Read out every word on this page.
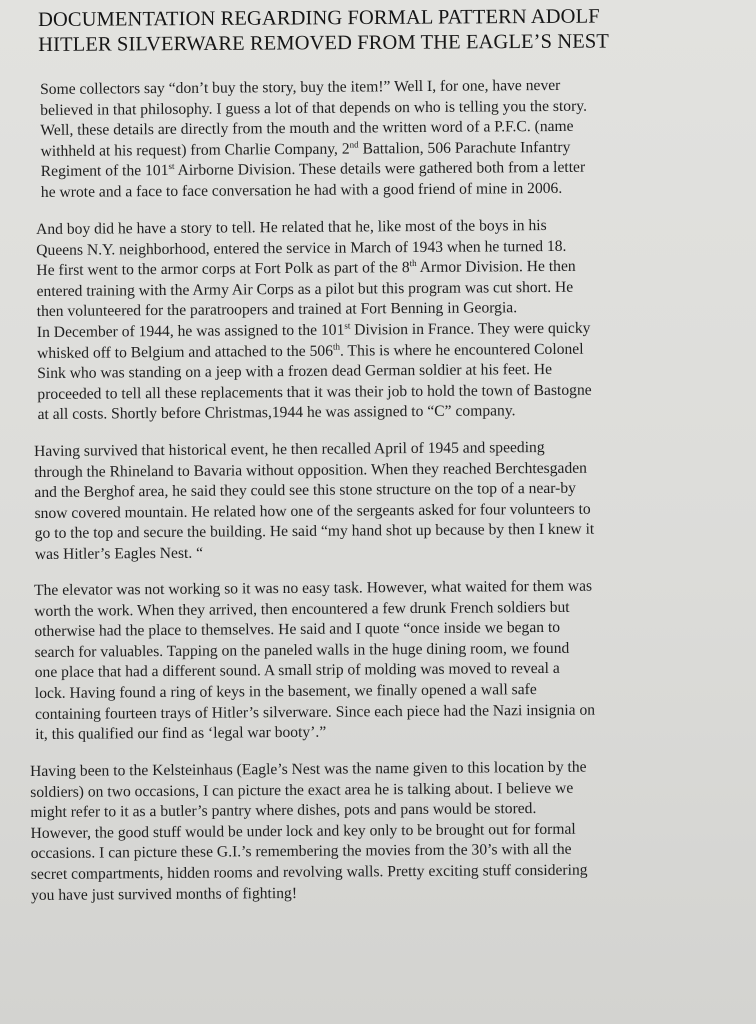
DOCUMENTATION REGARDING FORMAL PATTERN ADOLF
HITLER SILVERWARE REMOVED FROM THE EAGLE’S NEST

Some collectors say “don’t buy the story, buy the item!” Well I, for one, have never
believed in that philosophy. I guess a lot of that depends on who is telling you the story.
Well, these details are directly from the mouth and the written word of a P.F.C. (name
withheld at his request) from Charlie Company, 2nd Battalion, 506 Parachute Infantry
Regiment of the 101st Airborne Division. These details were gathered both from a letter
he wrote and a face to face conversation he had with a good friend of mine in 2006.

And boy did he have a story to tell. He related that he, like most of the boys in his
Queens N.Y. neighborhood, entered the service in March of 1943 when he turned 18.
He first went to the armor corps at Fort Polk as part of the 8th Armor Division. He then
entered training with the Army Air Corps as a pilot but this program was cut short. He
then volunteered for the paratroopers and trained at Fort Benning in Georgia.
In December of 1944, he was assigned to the 101st Division in France. They were quicky
whisked off to Belgium and attached to the 506th. This is where he encountered Colonel
Sink who was standing on a jeep with a frozen dead German soldier at his feet. He
proceeded to tell all these replacements that it was their job to hold the town of Bastogne
at all costs. Shortly before Christmas,1944 he was assigned to “C” company.

Having survived that historical event, he then recalled April of 1945 and speeding
through the Rhineland to Bavaria without opposition. When they reached Berchtesgaden
and the Berghof area, he said they could see this stone structure on the top of a near-by
snow covered mountain. He related how one of the sergeants asked for four volunteers to
go to the top and secure the building. He said “my hand shot up because by then I knew it
was Hitler’s Eagles Nest. “

The elevator was not working so it was no easy task. However, what waited for them was
worth the work. When they arrived, then encountered a few drunk French soldiers but
otherwise had the place to themselves. He said and I quote “once inside we began to
search for valuables. Tapping on the paneled walls in the huge dining room, we found
one place that had a different sound. A small strip of molding was moved to reveal a
lock. Having found a ring of keys in the basement, we finally opened a wall safe
containing fourteen trays of Hitler’s silverware. Since each piece had the Nazi insignia on
it, this qualified our find as ‘legal war booty’.”

Having been to the Kelsteinhaus (Eagle’s Nest was the name given to this location by the
soldiers) on two occasions, I can picture the exact area he is talking about. I believe we
might refer to it as a butler’s pantry where dishes, pots and pans would be stored.
However, the good stuff would be under lock and key only to be brought out for formal
occasions. I can picture these G.I.’s remembering the movies from the 30’s with all the
secret compartments, hidden rooms and revolving walls. Pretty exciting stuff considering
you have just survived months of fighting!
